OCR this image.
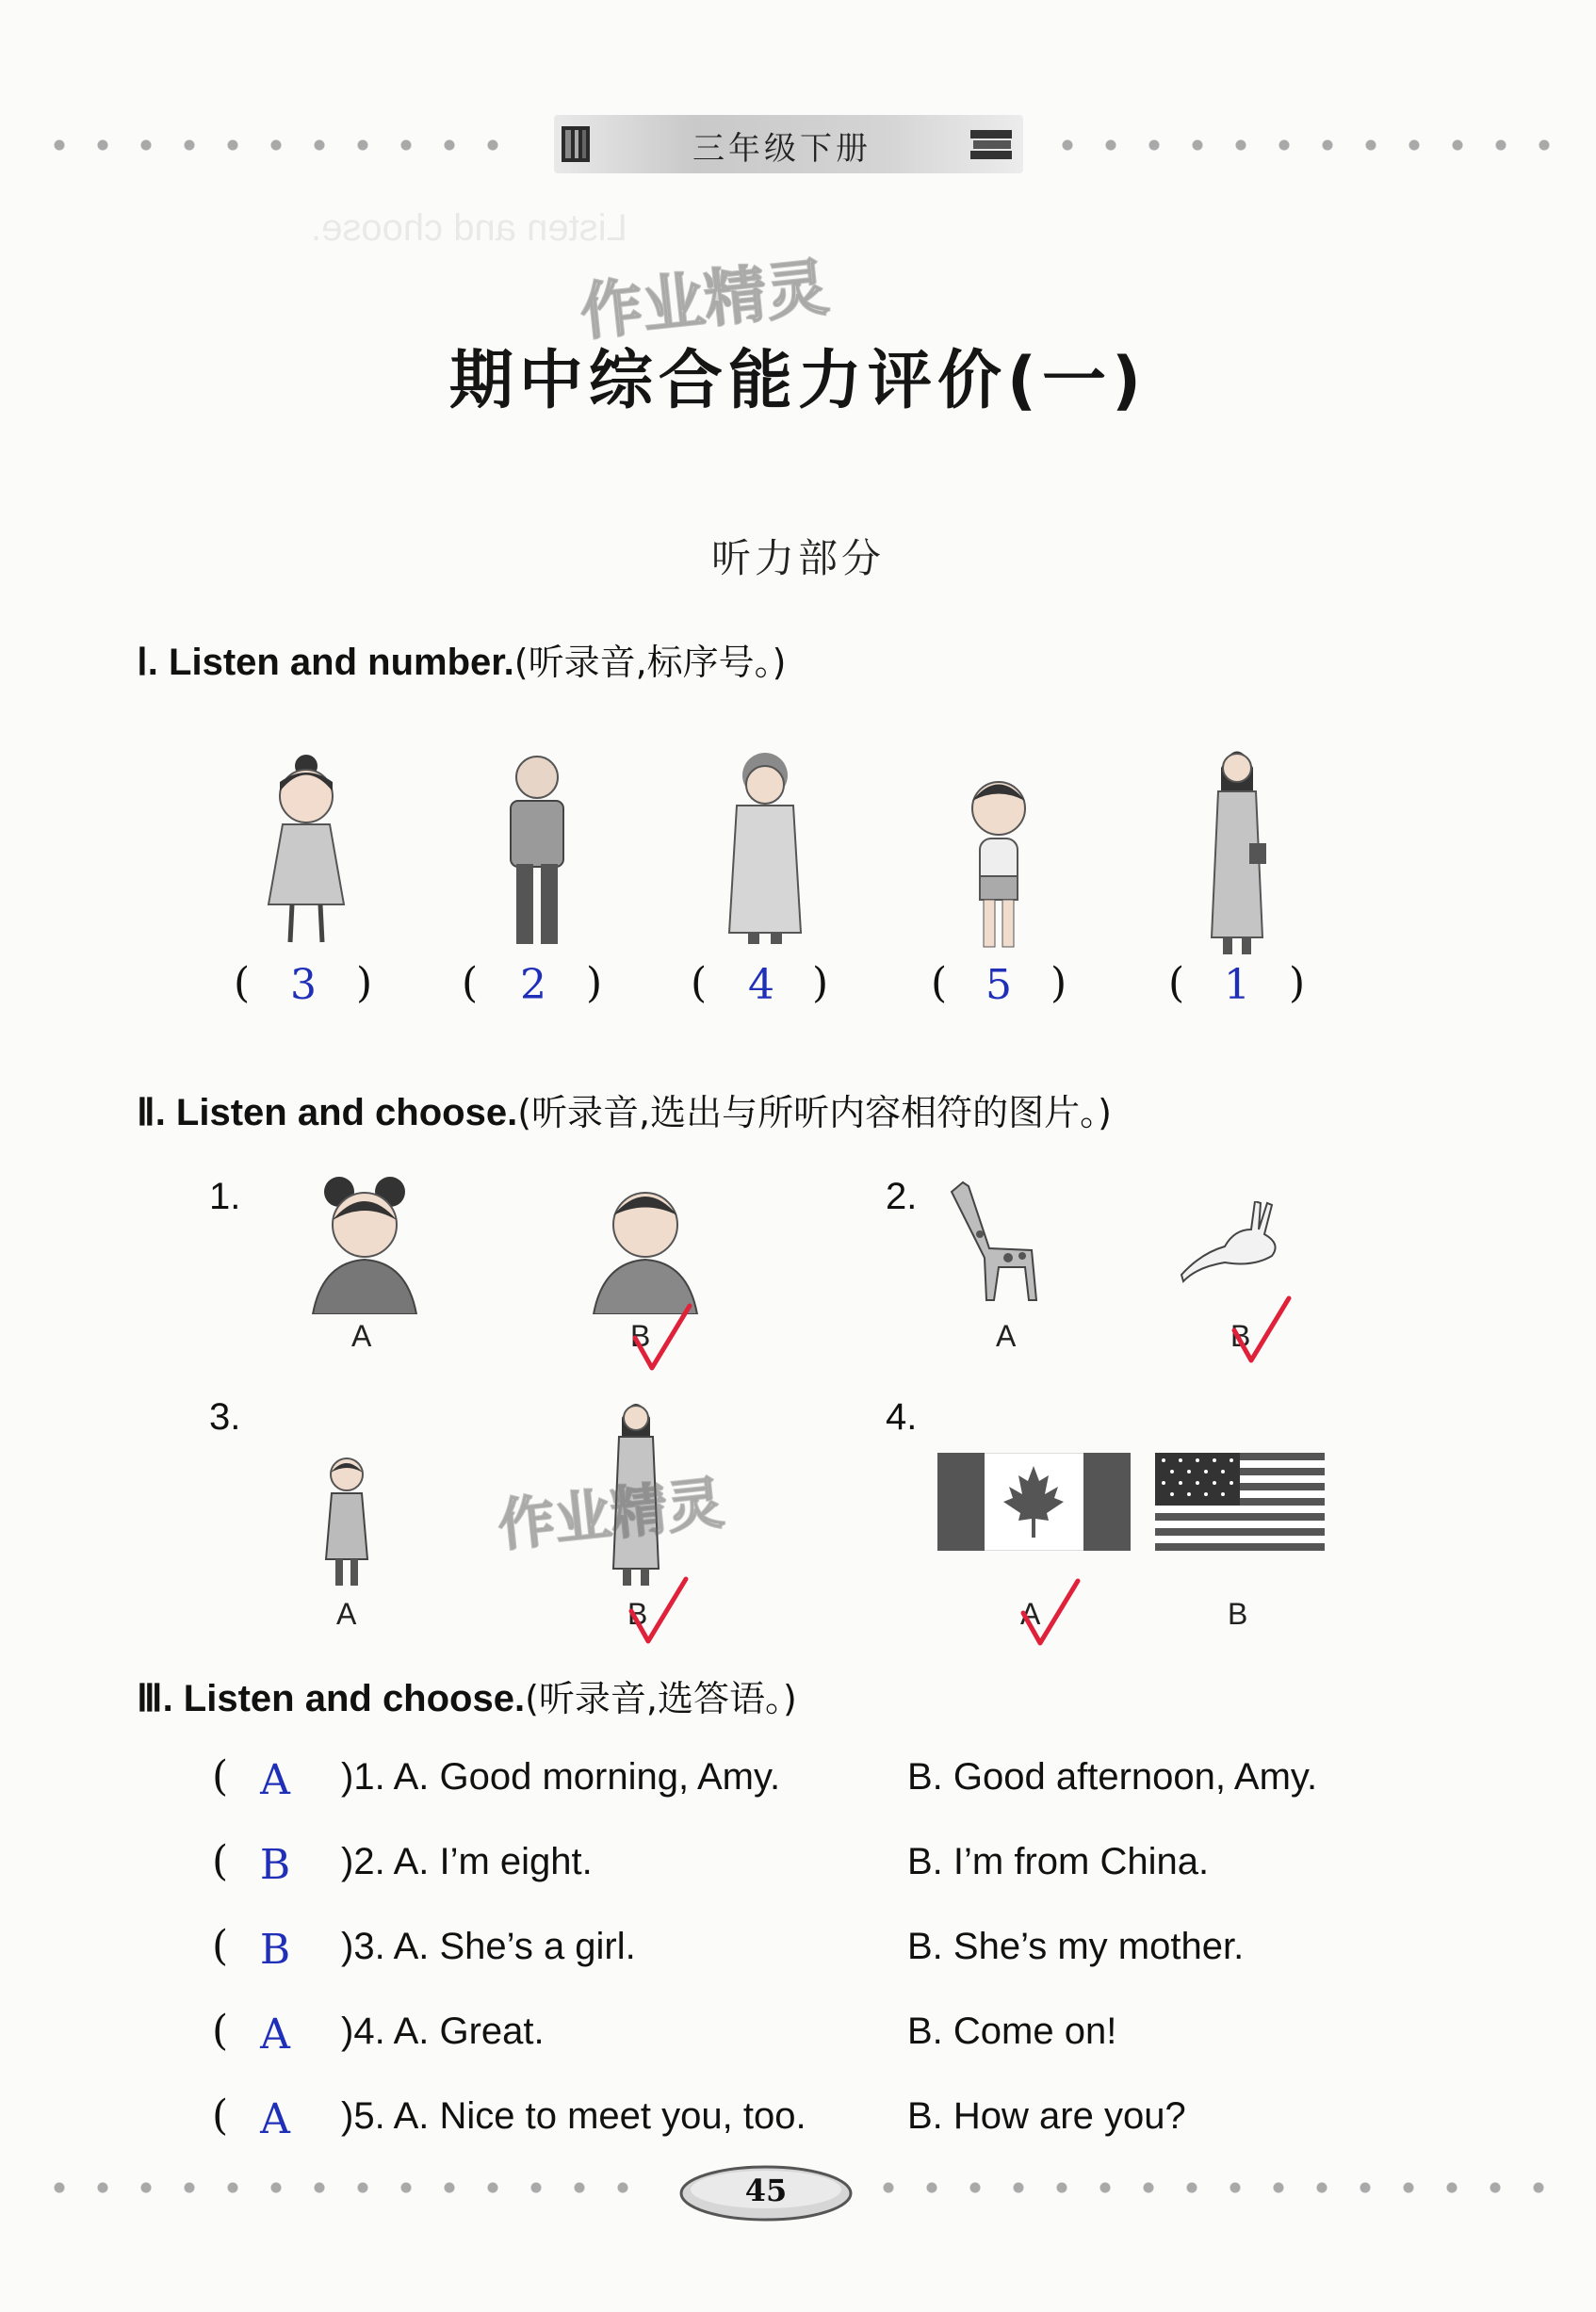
三年级下册
Listen and choose.
作业精灵
期中综合能力评价(一)
听力部分
Ⅰ. Listen and number.(听录音,标序号。)
( 3 ) (	2 ) ( 4 ) ( 5 ) ( 1 )
Ⅱ. Listen and choose.(听录音,选出与所听内容相符的图片。)
1.
A	B
2.
A	B
3.
A	B
作业精灵
4.
A	B
Ⅲ. Listen and choose.(听录音,选答语。)
( A	)1. A. Good morning, Amy.	B. Good afternoon, Amy.
( B	)2. A. I’m eight.	B. I’m from China.
( B	)3. A. She’s a girl.	B. She’s my mother.
( A	)4. A. Great.	B. Come on!
( A	)5. A. Nice to meet you, too.	B. How are you?
45
